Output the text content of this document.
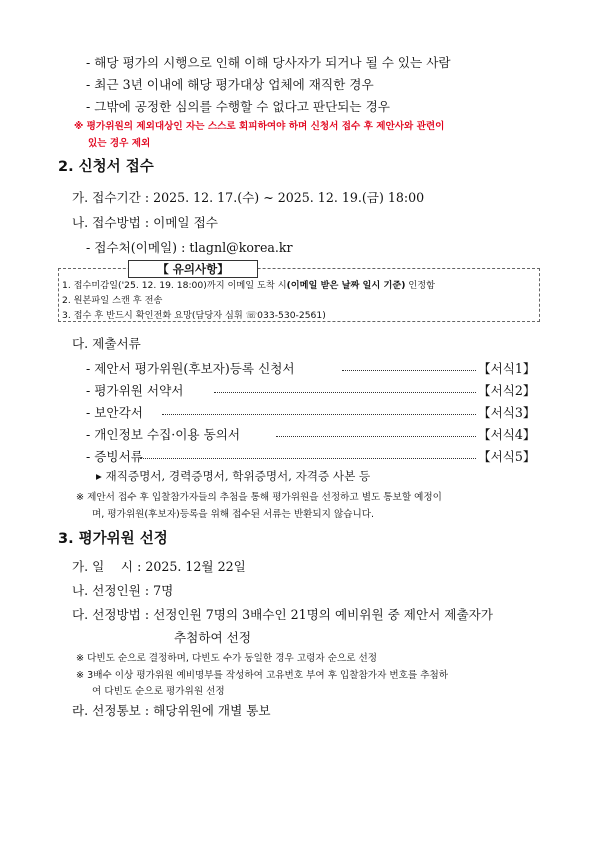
- 해당 평가의 시행으로 인해 이해 당사자가 되거나 될 수 있는 사람
- 최근 3년 이내에 해당 평가대상 업체에 재직한 경우
- 그밖에 공정한 심의를 수행할 수 없다고 판단되는 경우
※ 평가위원의 제외대상인 자는 스스로 회피하여야 하며 신청서 접수 후 제안사와 관련이
있는 경우 제외
2. 신청서 접수
가. 접수기간 : 2025. 12. 17.(수) ~ 2025. 12. 19.(금) 18:00
나. 접수방법 : 이메일 접수
- 접수처(이메일) : tlagnl@korea.kr
【 유의사항】
1. 접수미감일('25. 12. 19. 18:00)까지 이메일 도착 시(이메일 받은 날짜 일시 기준) 인정함
2. 원본파일 스캔 후 전송
3. 접수 후 반드시 확인전화 요망(담당자 심휘 ☏033-530-2561)
다. 제출서류
- 제안서 평가위원(후보자)등록 신청서	【서식1】
- 평가위원 서약서	【서식2】
- 보안각서	【서식3】
- 개인정보 수집·이용 동의서	【서식4】
- 증빙서류	【서식5】
▸ 재직증명서, 경력증명서, 학위증명서, 자격증 사본 등
※ 제안서 접수 후 입찰참가자들의 추첨을 통해 평가위원을 선정하고 별도 통보할 예정이
며, 평가위원(후보자)등록을 위해 접수된 서류는 반환되지 않습니다.
3. 평가위원 선정
가. 일　 시 : 2025. 12월 22일
나. 선정인원 : 7명
다. 선정방법 : 선정인원 7명의 3배수인 21명의 예비위원 중 제안서 제출자가
추첨하여 선정
※ 다빈도 순으로 결정하며, 다빈도 수가 동일한 경우 고령자 순으로 선정
※ 3배수 이상 평가위원 예비명부를 작성하여 고유번호 부여 후 입찰참가자 번호를 추첨하
여 다빈도 순으로 평가위원 선정
라. 선정통보 : 해당위원에 개별 통보
